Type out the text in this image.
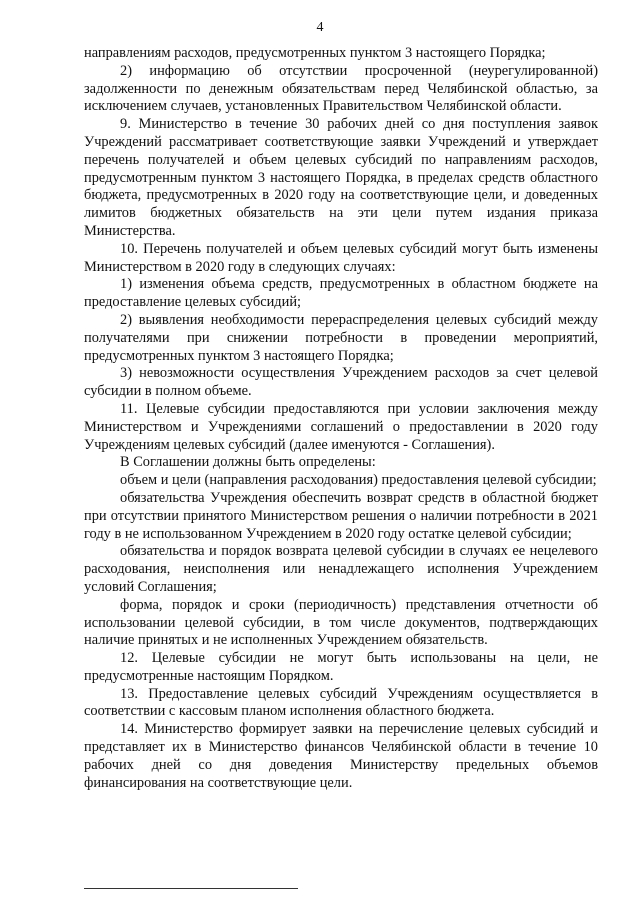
4

направлениям расходов, предусмотренных пунктом 3 настоящего Порядка;

2) информацию об отсутствии просроченной (неурегулированной) задолженности по денежным обязательствам перед Челябинской областью, за исключением случаев, установленных Правительством Челябинской области.

9. Министерство в течение 30 рабочих дней со дня поступления заявок Учреждений рассматривает соответствующие заявки Учреждений и утверждает перечень получателей и объем целевых субсидий по направлениям расходов, предусмотренным пунктом 3 настоящего Порядка, в пределах средств областного бюджета, предусмотренных в 2020 году на соответствующие цели, и доведенных лимитов бюджетных обязательств на эти цели путем издания приказа Министерства.

10. Перечень получателей и объем целевых субсидий могут быть изменены Министерством в 2020 году в следующих случаях:

1) изменения объема средств, предусмотренных в областном бюджете на предоставление целевых субсидий;

2) выявления необходимости перераспределения целевых субсидий между получателями при снижении потребности в проведении мероприятий, предусмотренных пунктом 3 настоящего Порядка;

3) невозможности осуществления Учреждением расходов за счет целевой субсидии в полном объеме.

11. Целевые субсидии предоставляются при условии заключения между Министерством и Учреждениями соглашений о предоставлении в 2020 году Учреждениям целевых субсидий (далее именуются - Соглашения).

В Соглашении должны быть определены:

объем и цели (направления расходования) предоставления целевой субсидии;

обязательства Учреждения обеспечить возврат средств в областной бюджет при отсутствии принятого Министерством решения о наличии потребности в 2021 году в не использованном Учреждением в 2020 году остатке целевой субсидии;

обязательства и порядок возврата целевой субсидии в случаях ее нецелевого расходования, неисполнения или ненадлежащего исполнения Учреждением условий Соглашения;

форма, порядок и сроки (периодичность) представления отчетности об использовании целевой субсидии, в том числе документов, подтверждающих наличие принятых и не исполненных Учреждением обязательств.

12. Целевые субсидии не могут быть использованы на цели, не предусмотренные настоящим Порядком.

13. Предоставление целевых субсидий Учреждениям осуществляется в соответствии с кассовым планом исполнения областного бюджета.

14. Министерство формирует заявки на перечисление целевых субсидий и представляет их в Министерство финансов Челябинской области в течение 10 рабочих дней со дня доведения Министерству предельных объемов финансирования на соответствующие цели.
